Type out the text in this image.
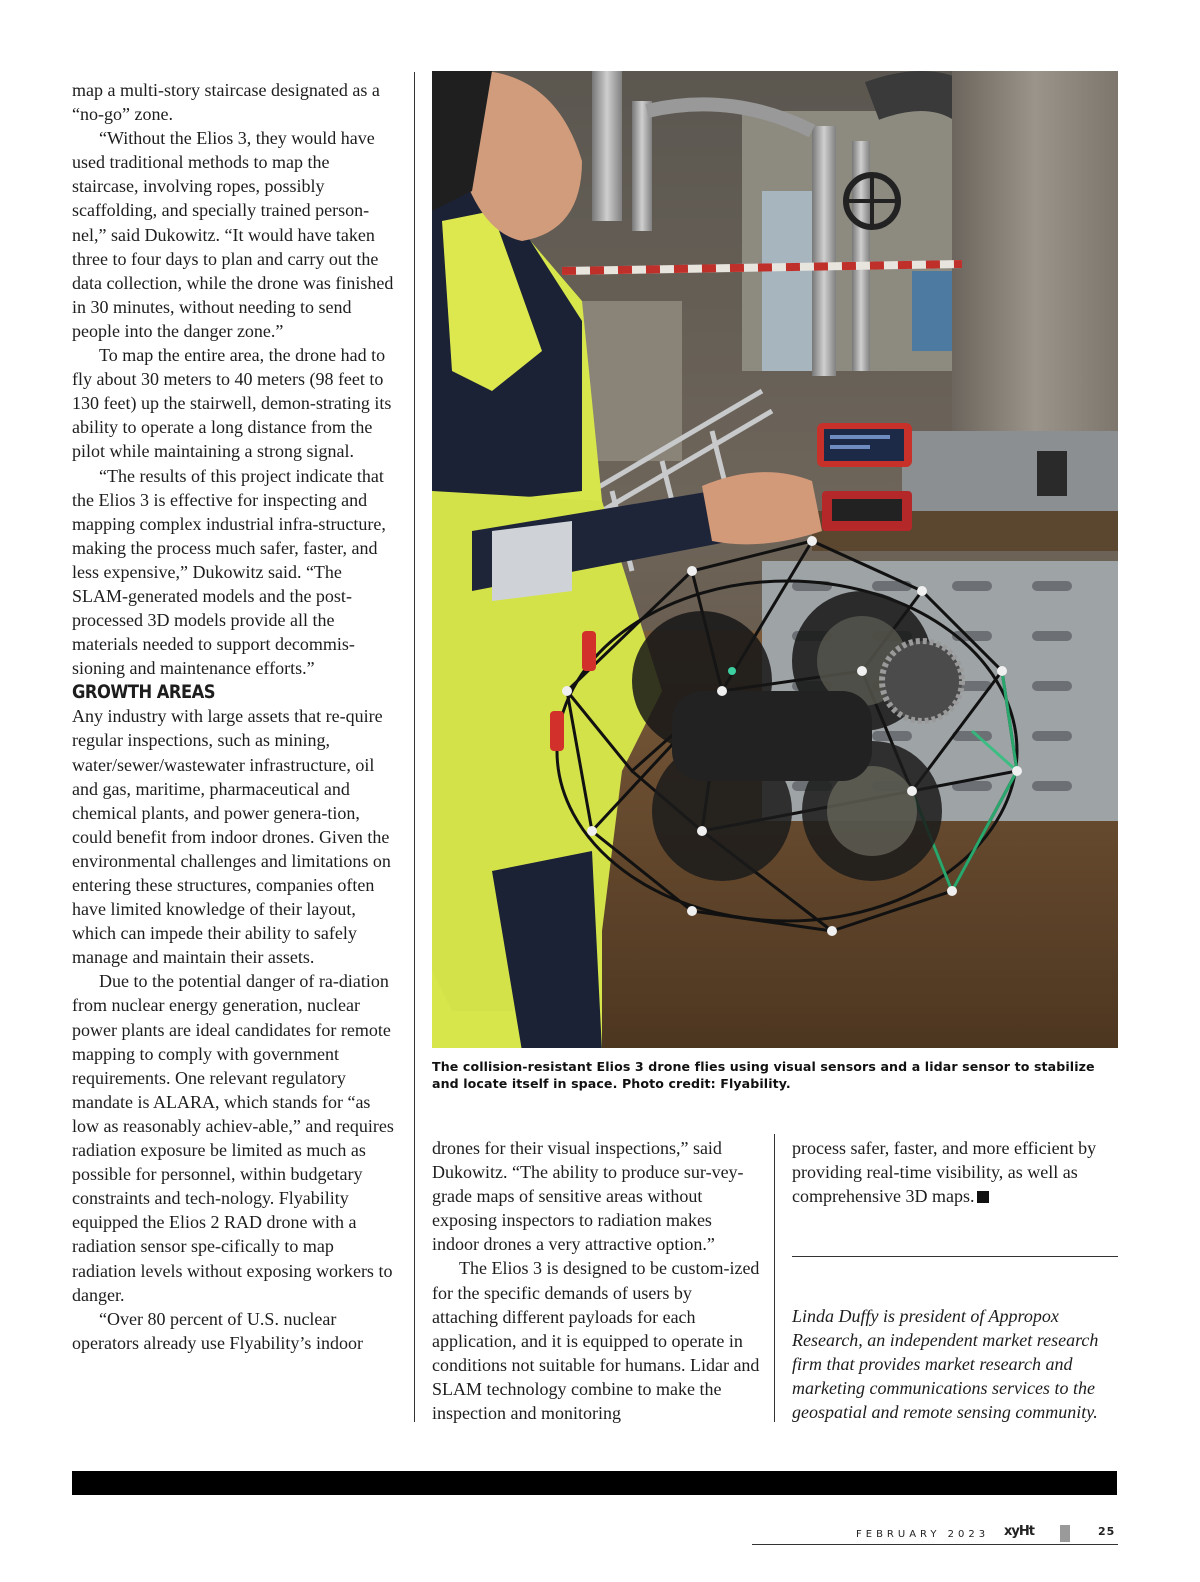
map a multi-story staircase designated as a “no-go” zone.

“Without the Elios 3, they would have used traditional methods to map the staircase, involving ropes, possibly scaffolding, and specially trained person-nel,” said Dukowitz. “It would have taken three to four days to plan and carry out the data collection, while the drone was finished in 30 minutes, without needing to send people into the danger zone.”

To map the entire area, the drone had to fly about 30 meters to 40 meters (98 feet to 130 feet) up the stairwell, demon-strating its ability to operate a long distance from the pilot while maintaining a strong signal.

“The results of this project indicate that the Elios 3 is effective for inspecting and mapping complex industrial infra-structure, making the process much safer, faster, and less expensive,” Dukowitz said. “The SLAM-generated models and the post-processed 3D models provide all the materials needed to support decommis-sioning and maintenance efforts.”

GROWTH AREAS

Any industry with large assets that re-quire regular inspections, such as mining, water/sewer/wastewater infrastructure, oil and gas, maritime, pharmaceutical and chemical plants, and power genera-tion, could benefit from indoor drones. Given the environmental challenges and limitations on entering these structures, companies often have limited knowledge of their layout, which can impede their ability to safely manage and maintain their assets.

Due to the potential danger of ra-diation from nuclear energy generation, nuclear power plants are ideal candidates for remote mapping to comply with government requirements. One relevant regulatory mandate is ALARA, which stands for “as low as reasonably achiev-able,” and requires radiation exposure be limited as much as possible for personnel, within budgetary constraints and tech-nology. Flyability equipped the Elios 2 RAD drone with a radiation sensor spe-cifically to map radiation levels without exposing workers to danger.

“Over 80 percent of U.S. nuclear operators already use Flyability’s indoor

The collision-resistant Elios 3 drone flies using visual sensors and a lidar sensor to stabilize and locate itself in space. Photo credit: Flyability.

drones for their visual inspections,” said Dukowitz. “The ability to produce sur-vey-grade maps of sensitive areas without exposing inspectors to radiation makes indoor drones a very attractive option.”

The Elios 3 is designed to be custom-ized for the specific demands of users by attaching different payloads for each application, and it is equipped to operate in conditions not suitable for humans. Lidar and SLAM technology combine to make the inspection and monitoring

process safer, faster, and more efficient by providing real-time visibility, as well as comprehensive 3D maps.

Linda Duffy is president of Appropox Research, an independent market research firm that provides market research and marketing communications services to the geospatial and remote sensing community.
FEBRUARY 2023 xyHt	25
